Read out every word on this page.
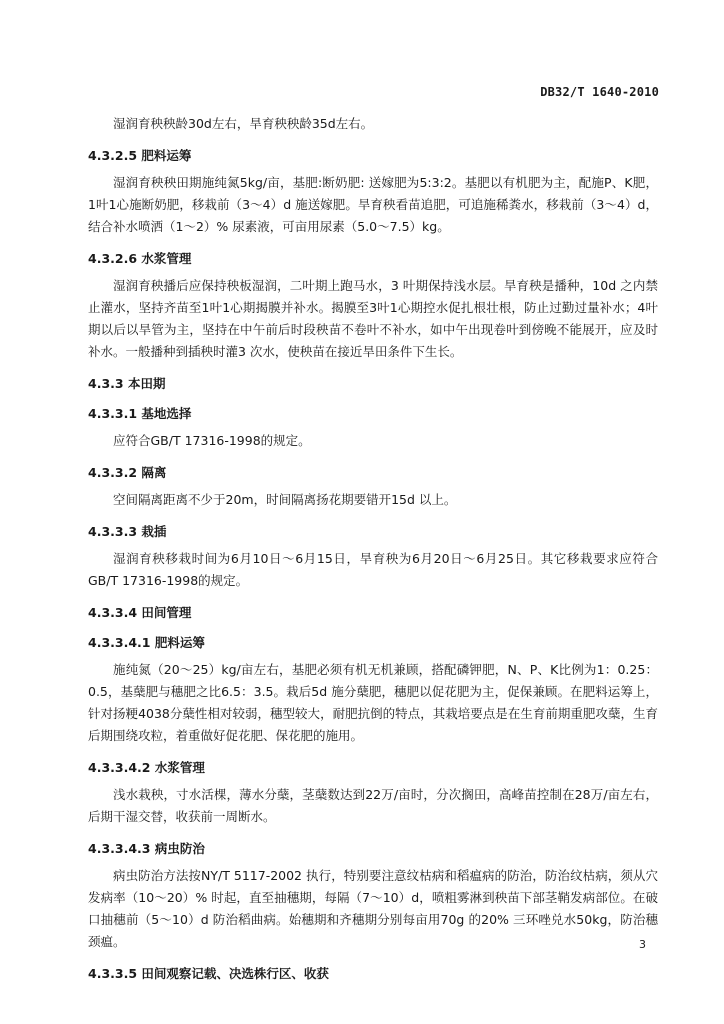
DB32/T 1640-2010

湿润育秧秧龄30d左右，旱育秧秧龄35d左右。

4.3.2.5 肥料运筹

湿润育秧秧田期施纯氮5kg/亩，基肥:断奶肥: 送嫁肥为5:3:2。基肥以有机肥为主，配施P、K肥，1叶1心施断奶肥，移栽前（3～4）d 施送嫁肥。旱育秧看苗追肥，可追施稀粪水，移栽前（3～4）d，结合补水喷洒（1～2）% 尿素液，可亩用尿素（5.0～7.5）kg。

4.3.2.6 水浆管理

湿润育秧播后应保持秧板湿润，二叶期上跑马水，3 叶期保持浅水层。旱育秧是播种，10d 之内禁止灌水，坚持齐苗至1叶1心期揭膜并补水。揭膜至3叶1心期控水促扎根壮根，防止过勤过量补水；4叶期以后以旱管为主，坚持在中午前后时段秧苗不卷叶不补水，如中午出现卷叶到傍晚不能展开，应及时补水。一般播种到插秧时灌3 次水，使秧苗在接近旱田条件下生长。

4.3.3 本田期

4.3.3.1 基地选择

应符合GB/T 17316-1998的规定。

4.3.3.2 隔离

空间隔离距离不少于20m，时间隔离扬花期要错开15d 以上。

4.3.3.3 栽插

湿润育秧移栽时间为6月10日～6月15日，旱育秧为6月20日～6月25日。其它移栽要求应符合GB/T 17316-1998的规定。

4.3.3.4 田间管理

4.3.3.4.1 肥料运筹

施纯氮（20～25）kg/亩左右，基肥必须有机无机兼顾，搭配磷钾肥，N、P、K比例为1：0.25：0.5，基蘖肥与穗肥之比6.5：3.5。栽后5d 施分蘖肥，穗肥以促花肥为主，促保兼顾。在肥料运筹上，针对扬粳4038分蘖性相对较弱，穗型较大，耐肥抗倒的特点，其栽培要点是在生育前期重肥攻蘖，生育后期围绕攻粒，着重做好促花肥、保花肥的施用。

4.3.3.4.2 水浆管理

浅水栽秧，寸水活棵，薄水分蘖，茎蘖数达到22万/亩时，分次搁田，高峰苗控制在28万/亩左右，后期干湿交替，收获前一周断水。

4.3.3.4.3 病虫防治

病虫防治方法按NY/T 5117-2002 执行，特别要注意纹枯病和稻瘟病的防治，防治纹枯病，须从穴发病率（10～20）% 时起，直至抽穗期，每隔（7～10）d，喷粗雾淋到秧苗下部茎鞘发病部位。在破口抽穗前（5～10）d 防治稻曲病。始穗期和齐穗期分别每亩用70g 的20% 三环唑兑水50kg，防治穗颈瘟。

4.3.3.5 田间观察记载、决选株行区、收获

3
